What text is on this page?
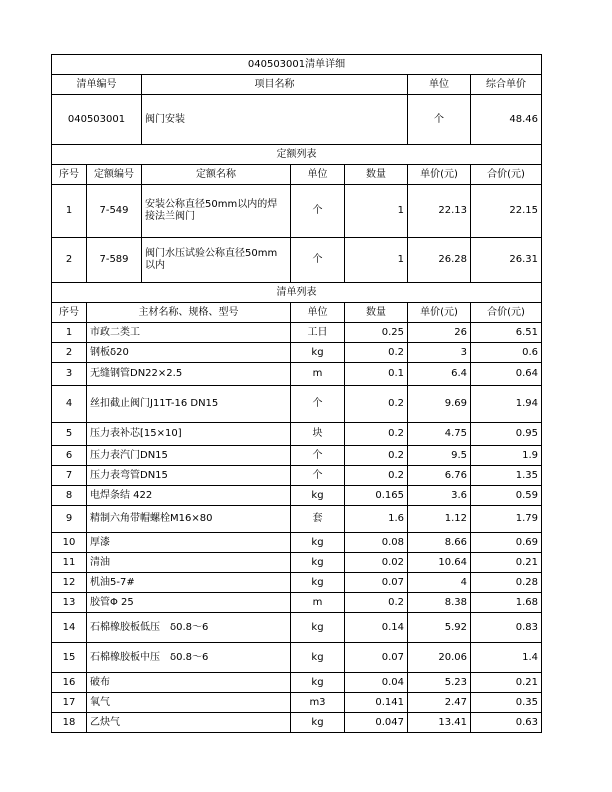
040503001清单详细						
清单编号		项目名称			单位	综合单价
040503001		阀门安装			个	48.46
定额列表						
序号	定额编号	定额名称	单位	数量	单价(元)	合价(元)
1	7-549	安装公称直径50mm以内的焊接法兰阀门	个	1	22.13	22.15
2	7-589	阀门水压试验公称直径50mm以内	个	1	26.28	26.31
清单列表						
序号	主材名称、规格、型号		单位	数量	单价(元)	合价(元)
1	市政二类工		工日	0.25	26	6.51
2	钢板δ20		kg	0.2	3	0.6
3	无缝钢管DN22×2.5		m	0.1	6.4	0.64
4	丝扣截止阀门J11T-16 DN15		个	0.2	9.69	1.94
5	压力表补芯[15×10]		块	0.2	4.75	0.95
6	压力表汽门DN15		个	0.2	9.5	1.9
7	压力表弯管DN15		个	0.2	6.76	1.35
8	电焊条结 422		kg	0.165	3.6	0.59
9	精制六角带帽螺栓M16×80		套	1.6	1.12	1.79
10	厚漆		kg	0.08	8.66	0.69
11	清油		kg	0.02	10.64	0.21
12	机油5-7#		kg	0.07	4	0.28
13	胶管Φ 25		m	0.2	8.38	1.68
14	石棉橡胶板低压　δ0.8～6		kg	0.14	5.92	0.83
15	石棉橡胶板中压　δ0.8～6		kg	0.07	20.06	1.4
16	破布		kg	0.04	5.23	0.21
17	氧气		m3	0.141	2.47	0.35
18	乙炔气		kg	0.047	13.41	0.63
